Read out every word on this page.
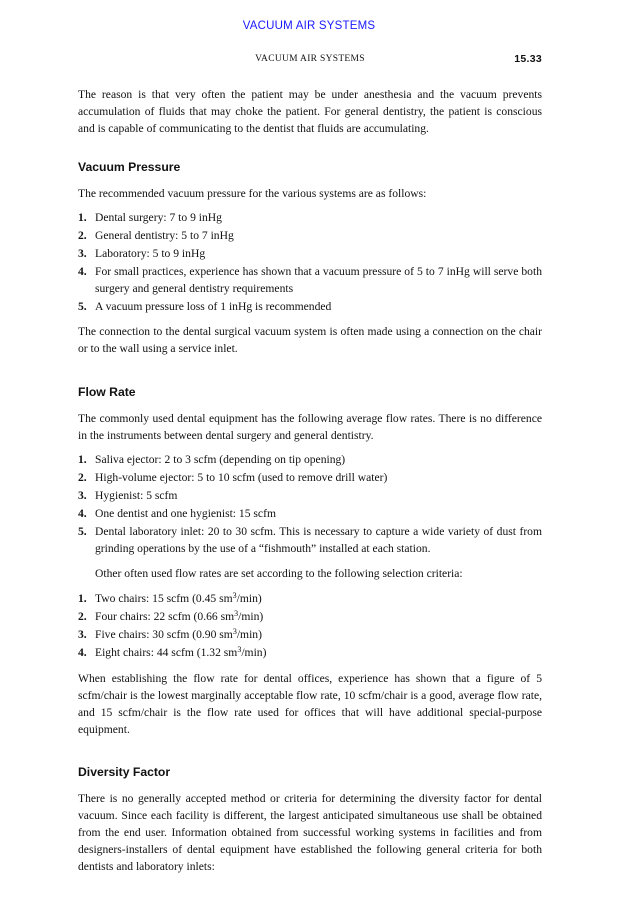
VACUUM AIR SYSTEMS
VACUUM AIR SYSTEMS	15.33

The reason is that very often the patient may be under anesthesia and the vacuum prevents accumulation of fluids that may choke the patient. For general dentistry, the patient is conscious and is capable of communicating to the dentist that fluids are accumulating.

Vacuum Pressure

The recommended vacuum pressure for the various systems are as follows:

1. Dental surgery: 7 to 9 inHg
2. General dentistry: 5 to 7 inHg
3. Laboratory: 5 to 9 inHg
4. For small practices, experience has shown that a vacuum pressure of 5 to 7 inHg will serve both surgery and general dentistry requirements
5. A vacuum pressure loss of 1 inHg is recommended

The connection to the dental surgical vacuum system is often made using a connection on the chair or to the wall using a service inlet.

Flow Rate

The commonly used dental equipment has the following average flow rates. There is no difference in the instruments between dental surgery and general dentistry.

1. Saliva ejector: 2 to 3 scfm (depending on tip opening)
2. High-volume ejector: 5 to 10 scfm (used to remove drill water)
3. Hygienist: 5 scfm
4. One dentist and one hygienist: 15 scfm
5. Dental laboratory inlet: 20 to 30 scfm. This is necessary to capture a wide variety of dust from grinding operations by the use of a “fishmouth” installed at each station.

Other often used flow rates are set according to the following selection criteria:

1. Two chairs: 15 scfm (0.45 $sm^3/\min$)
2. Four chairs: 22 scfm (0.66 $sm^3/\min$)
3. Five chairs: 30 scfm (0.90 $sm^3/\min$)
4. Eight chairs: 44 scfm (1.32 $sm^3/\min$)

When establishing the flow rate for dental offices, experience has shown that a figure of 5 scfm/chair is the lowest marginally acceptable flow rate, 10 scfm/chair is a good, average flow rate, and 15 scfm/chair is the flow rate used for offices that will have additional special-purpose equipment.

Diversity Factor

There is no generally accepted method or criteria for determining the diversity factor for dental vacuum. Since each facility is different, the largest anticipated simultaneous use shall be obtained from the end user. Information obtained from successful working systems in facilities and from designers-installers of dental equipment have established the following general criteria for both dentists and laboratory inlets:
